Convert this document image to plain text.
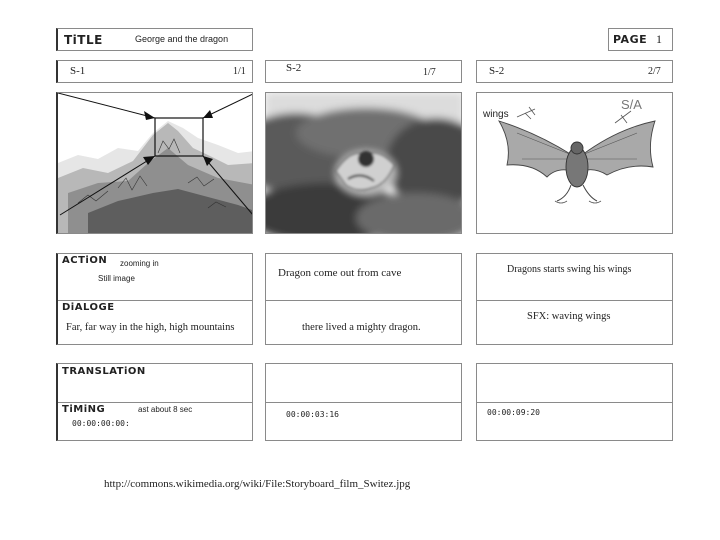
TiTLE	George and the dragon	PAGE 1
S-1	1/1	S-2	1/7	S-2	2/7
wings
S/A
ACTiON zooming in
Still image
DiALOGE
Far, far way in the high, high mountains
Dragon come out from cave
there lived a mighty dragon.
Dragons starts swing his wings
SFX: waving wings
TRANSLATiON
TiMiNG	ast about 8 sec
00:00:00:00:
00:00:03:16	00:00:09:20
http://commons.wikimedia.org/wiki/File:Storyboard_film_Switez.jpg
